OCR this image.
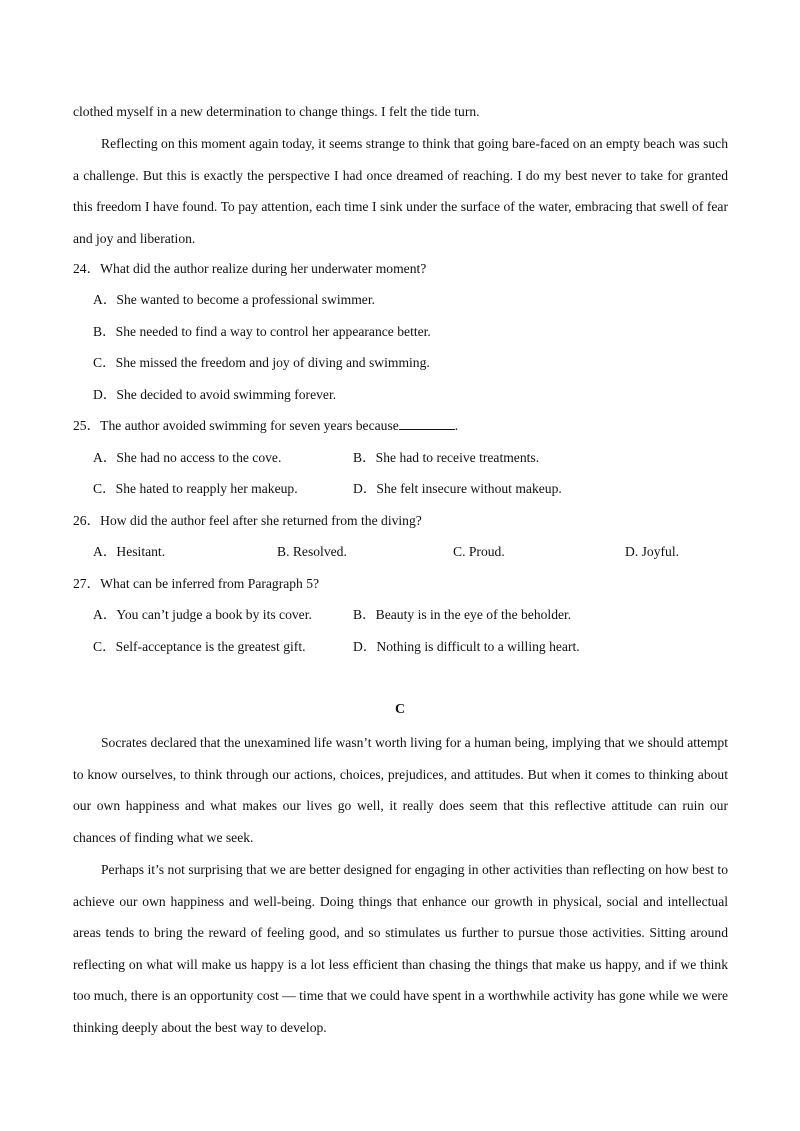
clothed myself in a new determination to change things. I felt the tide turn.

Reflecting on this moment again today, it seems strange to think that going bare-faced on an empty beach was such a challenge. But this is exactly the perspective I had once dreamed of reaching. I do my best never to take for granted this freedom I have found. To pay attention, each time I sink under the surface of the water, embracing that swell of fear and joy and liberation.

24．What did the author realize during her underwater moment?
A．She wanted to become a professional swimmer.
B．She needed to find a way to control her appearance better.
C．She missed the freedom and joy of diving and swimming.
D．She decided to avoid swimming forever.
25．The author avoided swimming for seven years because	.
A．She had no access to the cove.	B．She had to receive treatments.
C．She hated to reapply her makeup.	D．She felt insecure without makeup.
26．How did the author feel after she returned from the diving?
A．Hesitant.	B. Resolved.	C. Proud.	D. Joyful.
27．What can be inferred from Paragraph 5?
A．You can’t judge a book by its cover.	B．Beauty is in the eye of the beholder.
C．Self-acceptance is the greatest gift.	D．Nothing is difficult to a willing heart.
C

Socrates declared that the unexamined life wasn’t worth living for a human being, implying that we should attempt to know ourselves, to think through our actions, choices, prejudices, and attitudes. But when it comes to thinking about our own happiness and what makes our lives go well, it really does seem that this reflective attitude can ruin our chances of finding what we seek.

Perhaps it’s not surprising that we are better designed for engaging in other activities than reflecting on how best to achieve our own happiness and well-being. Doing things that enhance our growth in physical, social and intellectual areas tends to bring the reward of feeling good, and so stimulates us further to pursue those activities. Sitting around reflecting on what will make us happy is a lot less efficient than chasing the things that make us happy, and if we think too much, there is an opportunity cost — time that we could have spent in a worthwhile activity has gone while we were thinking deeply about the best way to develop.
